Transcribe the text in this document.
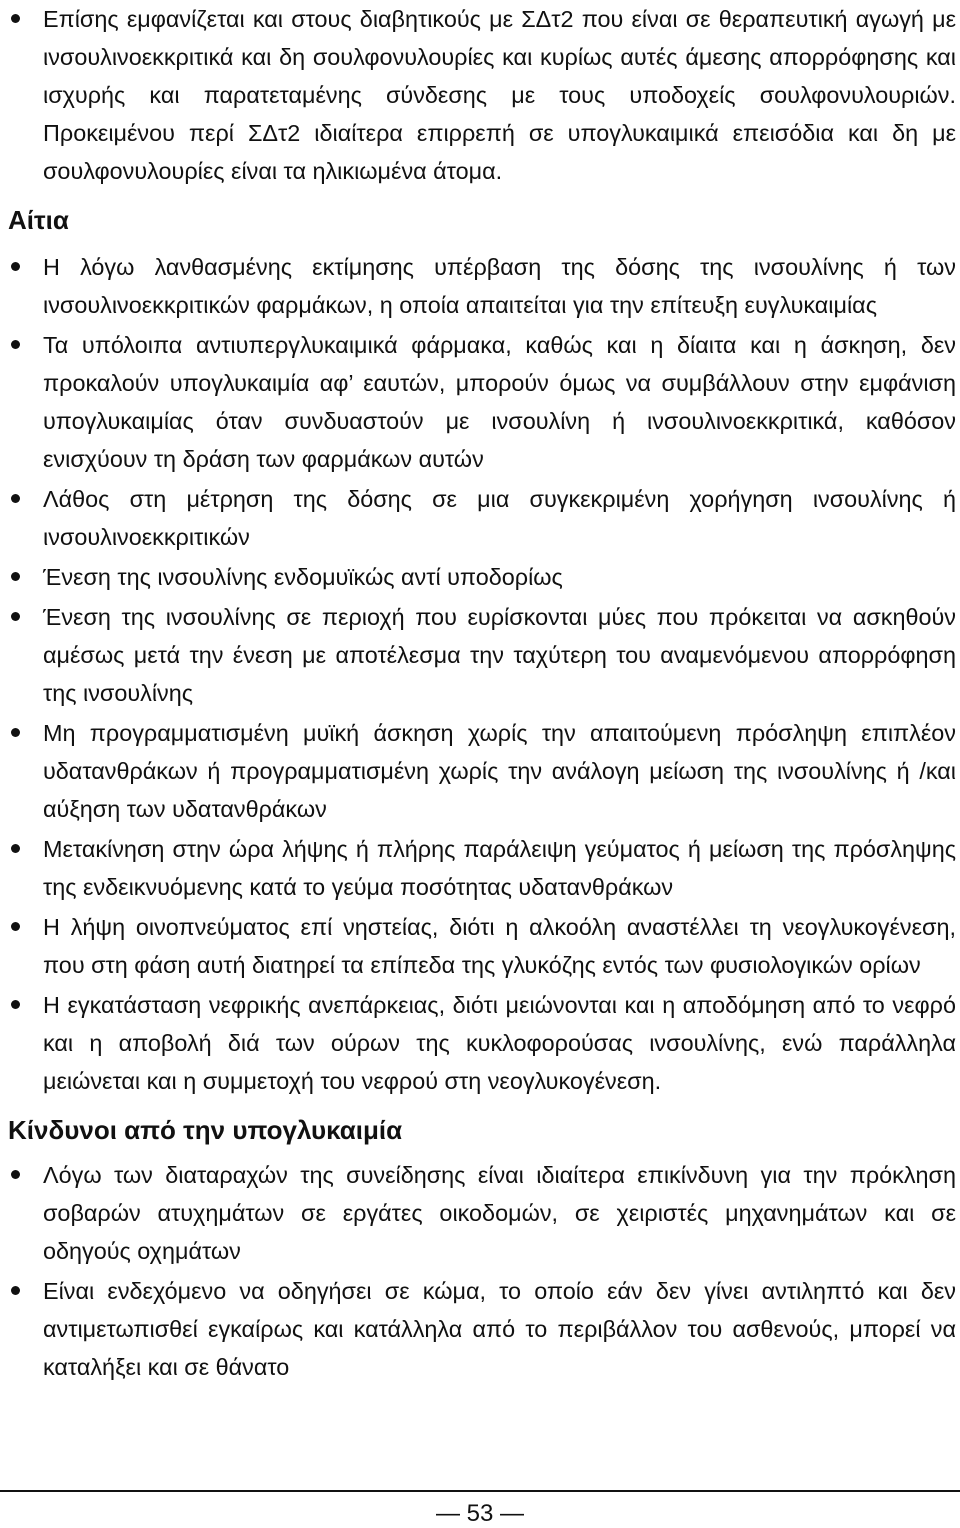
Επίσης εμφανίζεται και στους διαβητικούς με ΣΔτ2 που είναι σε θεραπευτική αγωγή με ινσουλινοεκκριτικά και δη σουλφονυλουρίες και κυρίως αυτές άμεσης απορρόφησης και ισχυρής και παρατεταμένης σύνδεσης με τους υποδοχείς σουλφονυλουριών. Προκειμένου περί ΣΔτ2 ιδιαίτερα επιρρεπή σε υπογλυκαιμικά επεισόδια και δη με σουλφονυλουρίες είναι τα ηλικιωμένα άτομα.
Αίτια
Η λόγω λανθασμένης εκτίμησης υπέρβαση της δόσης της ινσουλίνης ή των ινσουλινοεκκριτικών φαρμάκων, η οποία απαιτείται για την επίτευξη ευγλυκαιμίας
Τα υπόλοιπα αντιυπεργλυκαιμικά φάρμακα, καθώς και η δίαιτα και η άσκηση, δεν προκαλούν υπογλυκαιμία αφ’ εαυτών, μπορούν όμως να συμβάλλουν στην εμφάνιση υπογλυκαιμίας όταν συνδυαστούν με ινσουλίνη ή ινσουλινοεκκριτικά, καθόσον ενισχύουν τη δράση των φαρμάκων αυτών
Λάθος στη μέτρηση της δόσης σε μια συγκεκριμένη χορήγηση ινσουλίνης ή ινσουλινοεκκριτικών
Ένεση της ινσουλίνης ενδομυϊκώς αντί υποδορίως
Ένεση της ινσουλίνης σε περιοχή που ευρίσκονται μύες που πρόκειται να ασκηθούν αμέσως μετά την ένεση με αποτέλεσμα την ταχύτερη του αναμενόμενου απορρόφηση της ινσουλίνης
Μη προγραμματισμένη μυϊκή άσκηση χωρίς την απαιτούμενη πρόσληψη επιπλέον υδατανθράκων ή προγραμματισμένη χωρίς την ανάλογη μείωση της ινσουλίνης ή /και αύξηση των υδατανθράκων
Μετακίνηση στην ώρα λήψης ή πλήρης παράλειψη γεύματος ή μείωση της πρόσληψης της ενδεικνυόμενης κατά το γεύμα ποσότητας υδατανθράκων
Η λήψη οινοπνεύματος επί νηστείας, διότι η αλκοόλη αναστέλλει τη νεογλυκογένεση, που στη φάση αυτή διατηρεί τα επίπεδα της γλυκόζης εντός των φυσιολογικών ορίων
Η εγκατάσταση νεφρικής ανεπάρκειας, διότι μειώνονται και η αποδόμηση από το νεφρό και η αποβολή διά των ούρων της κυκλοφορούσας ινσουλίνης, ενώ παράλληλα μειώνεται και η συμμετοχή του νεφρού στη νεογλυκογένεση.
Κίνδυνοι από την υπογλυκαιμία
Λόγω των διαταραχών της συνείδησης είναι ιδιαίτερα επικίνδυνη για την πρόκληση σοβαρών ατυχημάτων σε εργάτες οικοδομών, σε χειριστές μηχανημάτων και σε οδηγούς οχημάτων
Είναι ενδεχόμενο να οδηγήσει σε κώμα, το οποίο εάν δεν γίνει αντιληπτό και δεν αντιμετωπισθεί εγκαίρως και κατάλληλα από το περιβάλλον του ασθενούς, μπορεί να καταλήξει και σε θάνατο
— 53 —
